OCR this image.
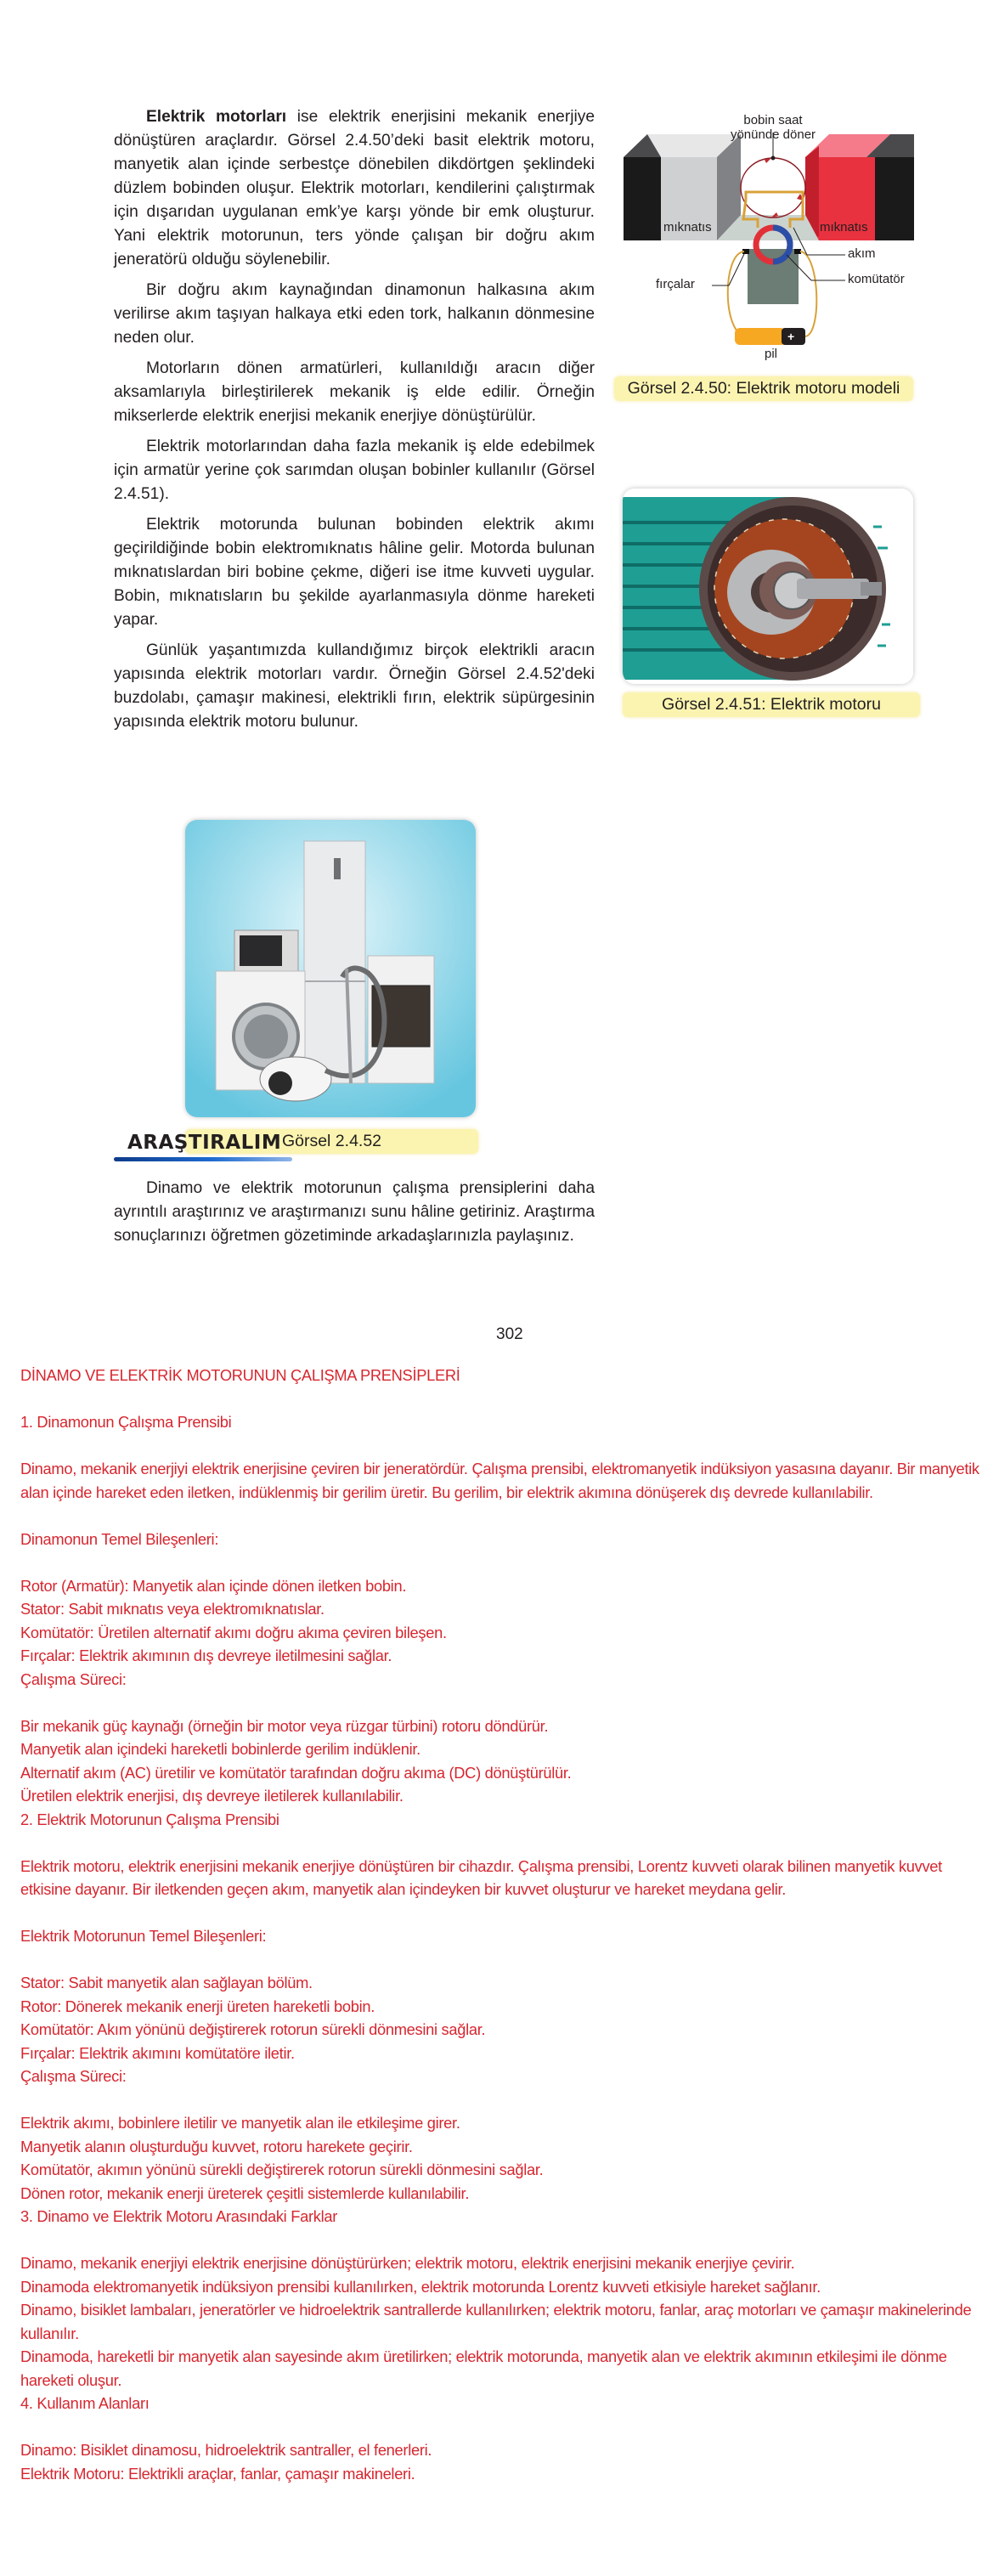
Elektrik motorları ise elektrik enerjisini mekanik enerjiye dönüştüren araçlardır. Görsel 2.4.50’deki basit elektrik motoru, manyetik alan içinde serbestçe dönebilen dikdörtgen şeklindeki düzlem bobinden oluşur. Elektrik motorları, kendilerini çalıştırmak için dışarıdan uygulanan emk’ye karşı yönde bir emk oluşturur. Yani elektrik motorunun, ters yönde çalışan bir doğru akım jeneratörü olduğu söylenebilir.

Bir doğru akım kaynağından dinamonun halkasına akım verilirse akım taşıyan halkaya etki eden tork, halkanın dönmesine neden olur.

Motorların dönen armatürleri, kullanıldığı aracın diğer aksamlarıyla birleştirilerek mekanik iş elde edilir. Örneğin mikserlerde elektrik enerjisi mekanik enerjiye dönüştürülür.

Elektrik motorlarından daha fazla mekanik iş elde edebilmek için armatür yerine çok sarımdan oluşan bobinler kullanılır (Görsel 2.4.51).

Elektrik motorunda bulunan bobinden elektrik akımı geçirildiğinde bobin elektromıknatıs hâline gelir. Motorda bulunan mıknatıslardan biri bobine çekme, diğeri ise itme kuvveti uygular. Bobin, mıknatısların bu şekilde ayarlanmasıyla dönme hareketi yapar.

Günlük yaşantımızda kullandığımız birçok elektrikli aracın yapısında elektrik motorları vardır. Örneğin Görsel 2.4.52'deki buzdolabı, çamaşır makinesi, elektrikli fırın, elektrik süpürgesinin yapısında elektrik motoru bulunur.

+
bobin saat yönünde döner
mıknatıs	mıknatıs
akım
komütatör
fırçalar
pil
Görsel 2.4.50: Elektrik motoru modeli
Görsel 2.4.51: Elektrik motoru
Görsel 2.4.52
ARAŞTIRALIM

Dinamo ve elektrik motorunun çalışma prensiplerini daha ayrıntılı araştırınız ve araştırmanızı sunu hâline getiriniz. Araştırma sonuçlarınızı öğretmen gözetiminde arkadaşlarınızla paylaşınız.

302

DİNAMO VE ELEKTRİK MOTORUNUN ÇALIŞMA PRENSİPLERİ

1. Dinamonun Çalışma Prensibi

Dinamo, mekanik enerjiyi elektrik enerjisine çeviren bir jeneratördür. Çalışma prensibi, elektromanyetik indüksiyon yasasına dayanır. Bir manyetik alan içinde hareket eden iletken, indüklenmiş bir gerilim üretir. Bu gerilim, bir elektrik akımına dönüşerek dış devrede kullanılabilir.

Dinamonun Temel Bileşenleri:

Rotor (Armatür): Manyetik alan içinde dönen iletken bobin.

Stator: Sabit mıknatıs veya elektromıknatıslar.

Komütatör: Üretilen alternatif akımı doğru akıma çeviren bileşen.

Fırçalar: Elektrik akımının dış devreye iletilmesini sağlar.

Çalışma Süreci:

Bir mekanik güç kaynağı (örneğin bir motor veya rüzgar türbini) rotoru döndürür.

Manyetik alan içindeki hareketli bobinlerde gerilim indüklenir.

Alternatif akım (AC) üretilir ve komütatör tarafından doğru akıma (DC) dönüştürülür.

Üretilen elektrik enerjisi, dış devreye iletilerek kullanılabilir.

2. Elektrik Motorunun Çalışma Prensibi

Elektrik motoru, elektrik enerjisini mekanik enerjiye dönüştüren bir cihazdır. Çalışma prensibi, Lorentz kuvveti olarak bilinen manyetik kuvvet etkisine dayanır. Bir iletkenden geçen akım, manyetik alan içindeyken bir kuvvet oluşturur ve hareket meydana gelir.

Elektrik Motorunun Temel Bileşenleri:

Stator: Sabit manyetik alan sağlayan bölüm.

Rotor: Dönerek mekanik enerji üreten hareketli bobin.

Komütatör: Akım yönünü değiştirerek rotorun sürekli dönmesini sağlar.

Fırçalar: Elektrik akımını komütatöre iletir.

Çalışma Süreci:

Elektrik akımı, bobinlere iletilir ve manyetik alan ile etkileşime girer.

Manyetik alanın oluşturduğu kuvvet, rotoru harekete geçirir.

Komütatör, akımın yönünü sürekli değiştirerek rotorun sürekli dönmesini sağlar.

Dönen rotor, mekanik enerji üreterek çeşitli sistemlerde kullanılabilir.

3. Dinamo ve Elektrik Motoru Arasındaki Farklar

Dinamo, mekanik enerjiyi elektrik enerjisine dönüştürürken; elektrik motoru, elektrik enerjisini mekanik enerjiye çevirir.

Dinamoda elektromanyetik indüksiyon prensibi kullanılırken, elektrik motorunda Lorentz kuvveti etkisiyle hareket sağlanır.

Dinamo, bisiklet lambaları, jeneratörler ve hidroelektrik santrallerde kullanılırken; elektrik motoru, fanlar, araç motorları ve çamaşır makinelerinde kullanılır.

Dinamoda, hareketli bir manyetik alan sayesinde akım üretilirken; elektrik motorunda, manyetik alan ve elektrik akımının etkileşimi ile dönme hareketi oluşur.

4. Kullanım Alanları

Dinamo: Bisiklet dinamosu, hidroelektrik santraller, el fenerleri.

Elektrik Motoru: Elektrikli araçlar, fanlar, çamaşır makineleri.
